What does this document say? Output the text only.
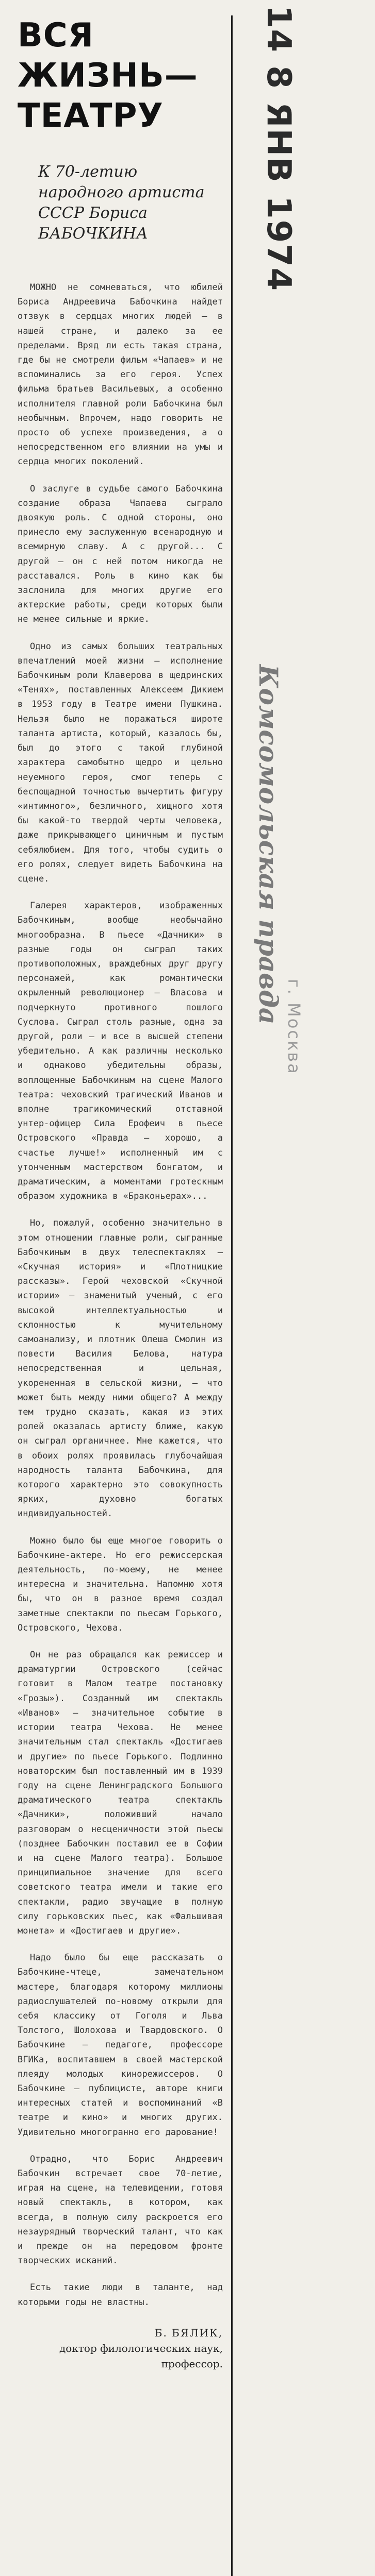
ВСЯ ЖИЗНЬ— ТЕАТРУ
К 70-летию народного артиста СССР Бориса БАБОЧКИНА

МОЖНО не сомневаться, что юбилей Бориса Андреевича Бабочкина найдет отзвук в сердцах многих людей — в нашей стране, и далеко за ее пределами. Вряд ли есть такая страна, где бы не смотрели фильм «Чапаев» и не вспоминались за его героя. Успех фильма братьев Васильевых, а особенно исполнителя главной роли Бабочкина был необычным. Впрочем, надо говорить не просто об успехе произведения, а о непосредственном его влиянии на умы и сердца многих поколений.

О заслуге в судьбе самого Бабочкина создание образа Чапаева сыграло двоякую роль. С одной стороны, оно принесло ему заслуженную всенародную и всемирную славу. А с другой... С другой — он с ней потом никогда не расставался. Роль в кино как бы заслонила для многих другие его актерские работы, среди которых были не менее сильные и яркие.

Одно из самых больших театральных впечатлений моей жизни — исполнение Бабочкиным роли Клаверова в щедринских «Тенях», поставленных Алексеем Дикием в 1953 году в Театре имени Пушкина. Нельзя было не поражаться широте таланта артиста, который, казалось бы, был до этого с такой глубиной характера самобытно щедро и цельно неуемного героя, смог теперь с беспощадной точностью вычертить фигуру «интимного», безличного, хищного хотя бы какой-то твердой черты человека, даже прикрывающего циничным и пустым себялюбием. Для того, чтобы судить о его ролях, следует видеть Бабочкина на сцене.

Галерея характеров, изображенных Бабочкиным, вообще необычайно многообразна. В пьесе «Дачники» в разные годы он сыграл таких противоположных, враждебных друг другу персонажей, как романтически окрыленный революционер — Власова и подчеркнуто противного пошлого Суслова. Сыграл столь разные, одна за другой, роли — и все в высшей степени убедительно. А как различны несколько и однаково убедительны образы, воплощенные Бабочкиным на сцене Малого театра: чеховский трагический Иванов и вполне трагикомический отставной унтер-офицер Сила Ерофеич в пьесе Островского «Правда — хорошо, а счастье лучше!» исполненный им с утонченным мастерством бонгатом, и драматическим, а моментами гротескным образом художника в «Браконьерах»...

Но, пожалуй, особенно значительно в этом отношении главные роли, сыгранные Бабочкиным в двух телеспектаклях — «Скучная история» и «Плотницкие рассказы». Герой чеховской «Скучной истории» — знаменитый ученый, с его высокой интеллектуальностью и склонностью к мучительному самоанализу, и плотник Олеша Смолин из повести Василия Белова, натура непосредственная и цельная, укорененная в сельской жизни, — что может быть между ними общего? А между тем трудно сказать, какая из этих ролей оказалась артисту ближе, какую он сыграл органичнее. Мне кажется, что в обоих ролях проявилась глубочайшая народность таланта Бабочкина, для которого характерно это совокупность ярких, духовно богатых индивидуальностей.

Можно было бы еще многое говорить о Бабочкине-актере. Но его режиссерская деятельность, по-моему, не менее интересна и значительна. Напомню хотя бы, что он в разное время создал заметные спектакли по пьесам Горького, Островского, Чехова.

Он не раз обращался как режиссер и драматургии Островского (сейчас готовит в Малом театре постановку «Грозы»). Созданный им спектакль «Иванов» — значительное событие в истории театра Чехова. Не менее значительным стал спектакль «Достигаев и другие» по пьесе Горького. Подлинно новаторским был поставленный им в 1939 году на сцене Ленинградского Большого драматического театра спектакль «Дачники», положивший начало разговорам о несценичности этой пьесы (позднее Бабочкин поставил ее в Софии и на сцене Малого театра). Большое принципиальное значение для всего советского театра имели и такие его спектакли, радио звучащие в полную силу горьковских пьес, как «Фальшивая монета» и «Достигаев и другие».

Надо было бы еще рассказать о Бабочкине-чтеце, замечательном мастере, благодаря которому миллионы радиослушателей по-новому открыли для себя классику от Гоголя и Льва Толстого, Шолохова и Твардовского. О Бабочкине — педагоге, профессоре ВГИКа, воспитавшем в своей мастерской плеяду молодых кинорежиссеров. О Бабочкине — публицисте, авторе книги интересных статей и воспоминаний «В театре и кино» и многих других. Удивительно многогранно его дарование!

Отрадно, что Борис Андреевич Бабочкин встречает свое 70-летие, играя на сцене, на телевидении, готовя новый спектакль, в котором, как всегда, в полную силу раскроется его незаурядный творческий талант, что как и прежде он на передовом фронте творческих исканий.

Есть такие люди в таланте, над которыми годы не властны.

Б. БЯЛИК,
доктор филологических наук, профессор.
14 8 ЯНВ 1974
Комсомольская правда
г. Москва
